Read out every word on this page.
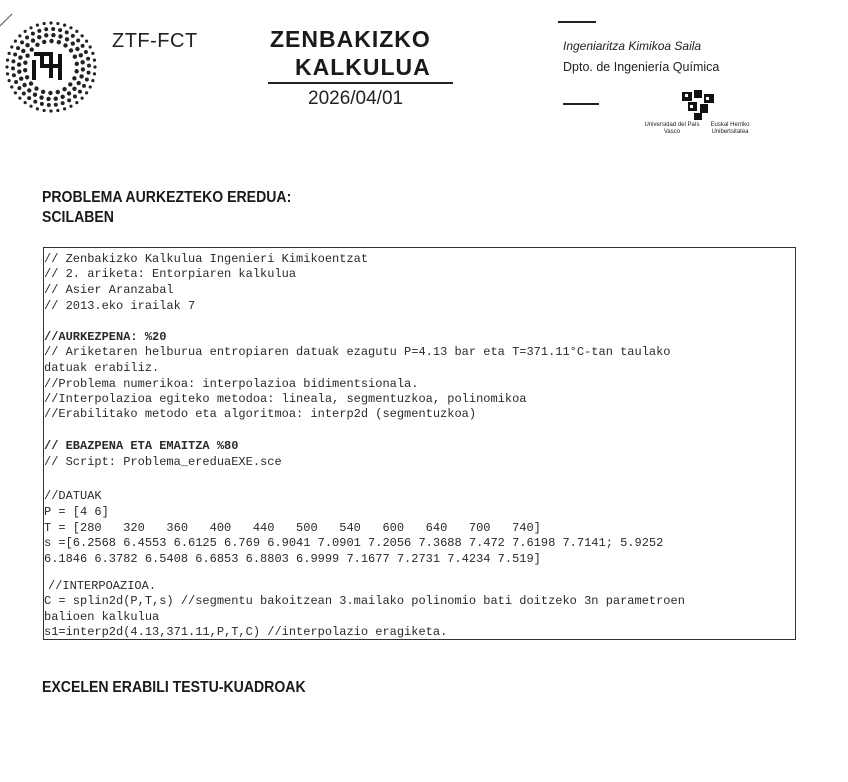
ZTF-FCT	ZENBAKIZKO
KALKULUA
2026/04/01
Ingeniaritza Kimikoa Saila
Dpto. de Ingeniería Química
Universidad del País Vasco
Euskal Herriko Unibertsitatea
PROBLEMA AURKEZTEKO EREDUA:
SCILABEN
// Zenbakizko Kalkulua Ingenieri Kimikoentzat
// 2. ariketa: Entorpiaren kalkulua
// Asier Aranzabal
// 2013.eko irailak 7
//AURKEZPENA: %20
// Ariketaren helburua entropiaren datuak ezagutu P=4.13 bar eta T=371.11°C-tan taulako
datuak erabiliz.
//Problema numerikoa: interpolazioa bidimentsionala.
//Interpolazioa egiteko metodoa: lineala, segmentuzkoa, polinomikoa
//Erabilitako metodo eta algoritmoa: interp2d (segmentuzkoa)
// EBAZPENA ETA EMAITZA %80
// Script: Problema_ereduaEXE.sce
//DATUAK
P = [4 6]
T = [280   320   360   400   440   500   540   600   640   700   740]
s =[6.2568 6.4553 6.6125 6.769 6.9041 7.0901 7.2056 7.3688 7.472 7.6198 7.7141; 5.9252
6.1846 6.3782 6.5408 6.6853 6.8803 6.9999 7.1677 7.2731 7.4234 7.519]
//INTERPOAZIOA.
C = splin2d(P,T,s) //segmentu bakoitzean 3.mailako polinomio bati doitzeko 3n parametroen
balioen kalkulua
s1=interp2d(4.13,371.11,P,T,C) //interpolazio eragiketa.
EXCELEN ERABILI TESTU-KUADROAK
